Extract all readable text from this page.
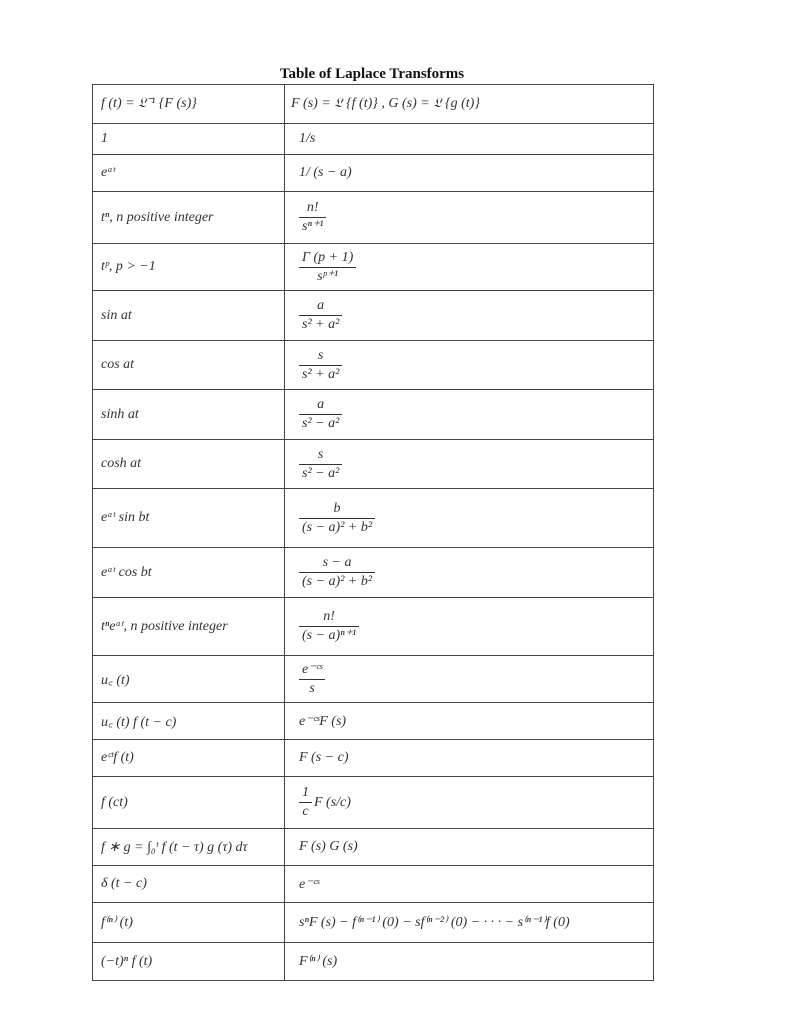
Table of Laplace Transforms
f (t) = 𝔏⁻¹ {F (s)}	F (s) = 𝔏 {f (t)} , G (s) = 𝔏 {g (t)}
1	1/s
eᵃᵗ	1/ (s − a)
tⁿ, n positive integer	$\frac{n!}{\text{sⁿ⁺¹}}$

tᵖ, p > −1	$\frac{\Gamma (p + 1)}{\text{sᵖ⁺¹}}$

sin at	$\frac{a}{\text{s² + a²}}$

cos at	$\frac{s}{\text{s² + a²}}$

sinh at	$\frac{a}{\text{s² − a²}}$

cosh at	$\frac{s}{\text{s² − a²}}$

eᵃᵗ sin bt	$\frac{b}{\text{(s − a)² + b²}}$

eᵃᵗ cos bt	$\frac{s - a}{\text{(s − a)² + b²}}$

tⁿeᵃᵗ, n positive integer	$\frac{n!}{\text{(s − a)ⁿ⁺¹}}$

u꜀ (t)	$\frac{\text{e⁻ᶜˢ}}{s}$

u꜀ (t) f (t − c)	e⁻ᶜˢF (s)
eᶜᵗf (t)	F (s − c)
f (ct)	$\frac{1}{c}$ F (s/c)
f ∗ g = ∫₀ᵗ f (t − τ) g (τ) dτ	F (s) G (s)
δ (t − c)	e⁻ᶜˢ
f⁽ⁿ⁾ (t)	sⁿF (s) − f⁽ⁿ⁻¹⁾ (0) − sf⁽ⁿ⁻²⁾ (0) − · · · − s⁽ⁿ⁻¹⁾f (0)
(−t)ⁿ f (t)	F⁽ⁿ⁾ (s)
